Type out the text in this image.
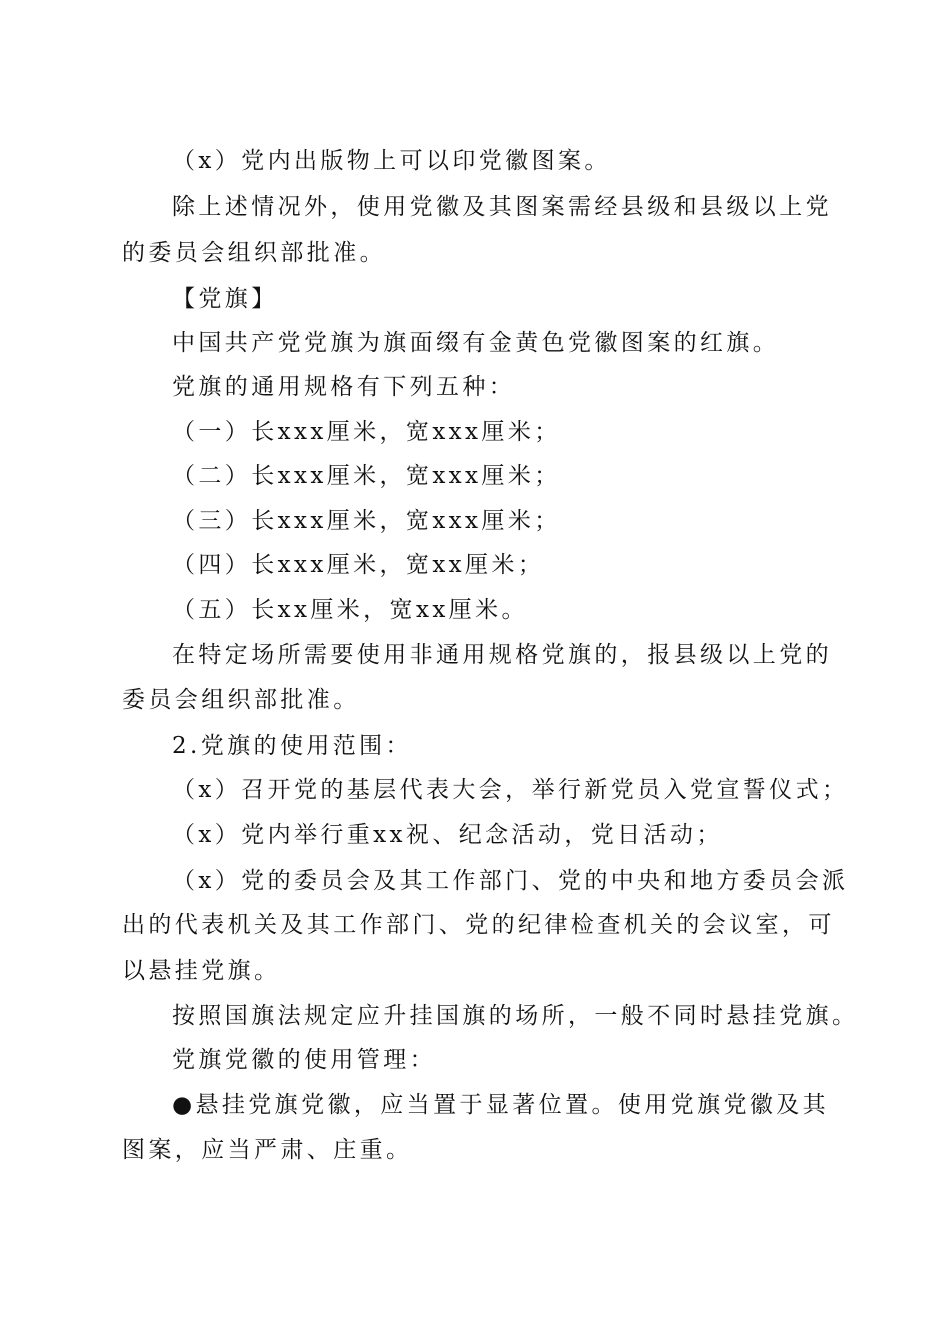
（x）党内出版物上可以印党徽图案。
除上述情况外，使用党徽及其图案需经县级和县级以上党
的委员会组织部批准。
【党旗】
中国共产党党旗为旗面缀有金黄色党徽图案的红旗。
党旗的通用规格有下列五种：
（一）长xxx厘米，宽xxx厘米；
（二）长xxx厘米，宽xxx厘米；
（三）长xxx厘米，宽xxx厘米；
（四）长xxx厘米，宽xx厘米；
（五）长xx厘米，宽xx厘米。
在特定场所需要使用非通用规格党旗的，报县级以上党的
委员会组织部批准。
2.党旗的使用范围：
（x）召开党的基层代表大会，举行新党员入党宣誓仪式；
（x）党内举行重xx祝、纪念活动，党日活动；
（x）党的委员会及其工作部门、党的中央和地方委员会派
出的代表机关及其工作部门、党的纪律检查机关的会议室，可
以悬挂党旗。
按照国旗法规定应升挂国旗的场所，一般不同时悬挂党旗。
党旗党徽的使用管理：
●悬挂党旗党徽，应当置于显著位置。使用党旗党徽及其
图案，应当严肃、庄重。
